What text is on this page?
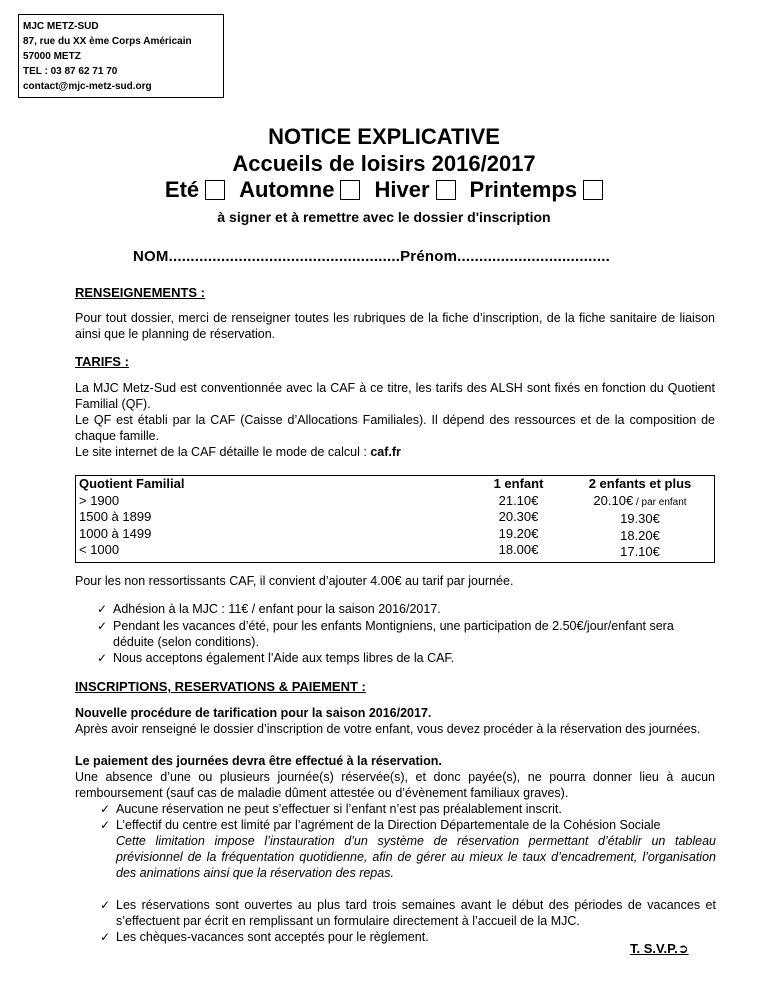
MJC METZ-SUD
87, rue du XX ème Corps Américain
57000 METZ
TEL : 03 87 62 71 70
contact@mjc-metz-sud.org
NOTICE EXPLICATIVE
Accueils de loisirs 2016/2017
Eté Automne Hiver Printemps
à signer et à remettre avec le dossier d'inscription
NOM.....................................................Prénom...................................
RENSEIGNEMENTS :
Pour tout dossier, merci de renseigner toutes les rubriques de la fiche d’inscription, de la fiche sanitaire de liaison ainsi que le planning de réservation.
TARIFS :
La MJC Metz-Sud est conventionnée avec la CAF à ce titre, les tarifs des ALSH sont fixés en fonction du Quotient Familial (QF).
Le QF est établi par la CAF (Caisse d’Allocations Familiales). Il dépend des ressources et de la composition de chaque famille.
Le site internet de la CAF détaille le mode de calcul : caf.fr
Quotient Familial
> 1900
1500 à 1899
1000 à 1499
< 1000
1 enfant
21.10€
20.30€
19.20€
18.00€
2 enfants et plus
20.10€ / par enfant
19.30€
18.20€
17.10€
Pour les non ressortissants CAF, il convient d’ajouter 4.00€ au tarif par journée.
✓ Adhésion à la MJC : 11€ / enfant pour la saison 2016/2017.
✓ Pendant les vacances d’été, pour les enfants Montigniens, une participation de 2.50€/jour/enfant sera déduite (selon conditions).
✓ Nous acceptons également l’Aide aux temps libres de la CAF.
INSCRIPTIONS, RESERVATIONS & PAIEMENT :
Nouvelle procédure de tarification pour la saison 2016/2017.
Après avoir renseigné le dossier d’inscription de votre enfant, vous devez procéder à la réservation des journées.
Le paiement des journées devra être effectué à la réservation.
Une absence d’une ou plusieurs journée(s) réservée(s), et donc payée(s), ne pourra donner lieu à aucun remboursement (sauf cas de maladie dûment attestée ou d’évènement familiaux graves).
✓ Aucune réservation ne peut s’effectuer si l’enfant n’est pas préalablement inscrit.
✓ L’effectif du centre est limité par l’agrément de la Direction Départementale de la Cohésion Sociale

Cette limitation impose l’instauration d’un système de réservation permettant d’établir un tableau prévisionnel de la fréquentation quotidienne, afin de gérer au mieux le taux d’encadrement, l’organisation des animations ainsi que la réservation des repas.
✓ Les réservations sont ouvertes au plus tard trois semaines avant le début des périodes de vacances et s’effectuent par écrit en remplissant un formulaire directement à l’accueil de la MJC.
✓ Les chèques-vacances sont acceptés pour le règlement.
T. S.V.P.➲
